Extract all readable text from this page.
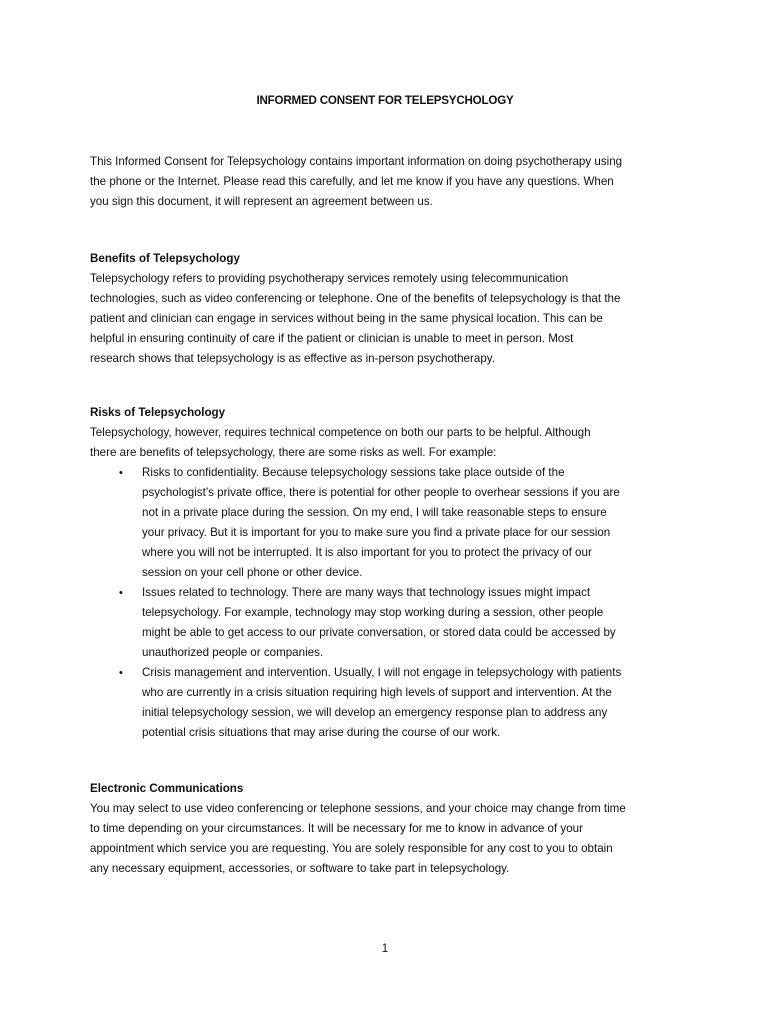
INFORMED CONSENT FOR TELEPSYCHOLOGY
This Informed Consent for Telepsychology contains important information on doing psychotherapy using
the phone or the Internet. Please read this carefully, and let me know if you have any questions. When
you sign this document, it will represent an agreement between us.
Benefits of Telepsychology
Telepsychology refers to providing psychotherapy services remotely using telecommunication
technologies, such as video conferencing or telephone. One of the benefits of telepsychology is that the
patient and clinician can engage in services without being in the same physical location. This can be
helpful in ensuring continuity of care if the patient or clinician is unable to meet in person. Most
research shows that telepsychology is as effective as in-person psychotherapy.
Risks of Telepsychology
Telepsychology, however, requires technical competence on both our parts to be helpful. Although
there are benefits of telepsychology, there are some risks as well. For example:
• Risks to confidentiality. Because telepsychology sessions take place outside of the
psychologist’s private office, there is potential for other people to overhear sessions if you are
not in a private place during the session. On my end, I will take reasonable steps to ensure
your privacy. But it is important for you to make sure you find a private place for our session
where you will not be interrupted. It is also important for you to protect the privacy of our
session on your cell phone or other device.
• Issues related to technology. There are many ways that technology issues might impact
telepsychology. For example, technology may stop working during a session, other people
might be able to get access to our private conversation, or stored data could be accessed by
unauthorized people or companies.
• Crisis management and intervention. Usually, I will not engage in telepsychology with patients
who are currently in a crisis situation requiring high levels of support and intervention. At the
initial telepsychology session, we will develop an emergency response plan to address any
potential crisis situations that may arise during the course of our work.
Electronic Communications
You may select to use video conferencing or telephone sessions, and your choice may change from time
to time depending on your circumstances. It will be necessary for me to know in advance of your
appointment which service you are requesting. You are solely responsible for any cost to you to obtain
any necessary equipment, accessories, or software to take part in telepsychology.
1
